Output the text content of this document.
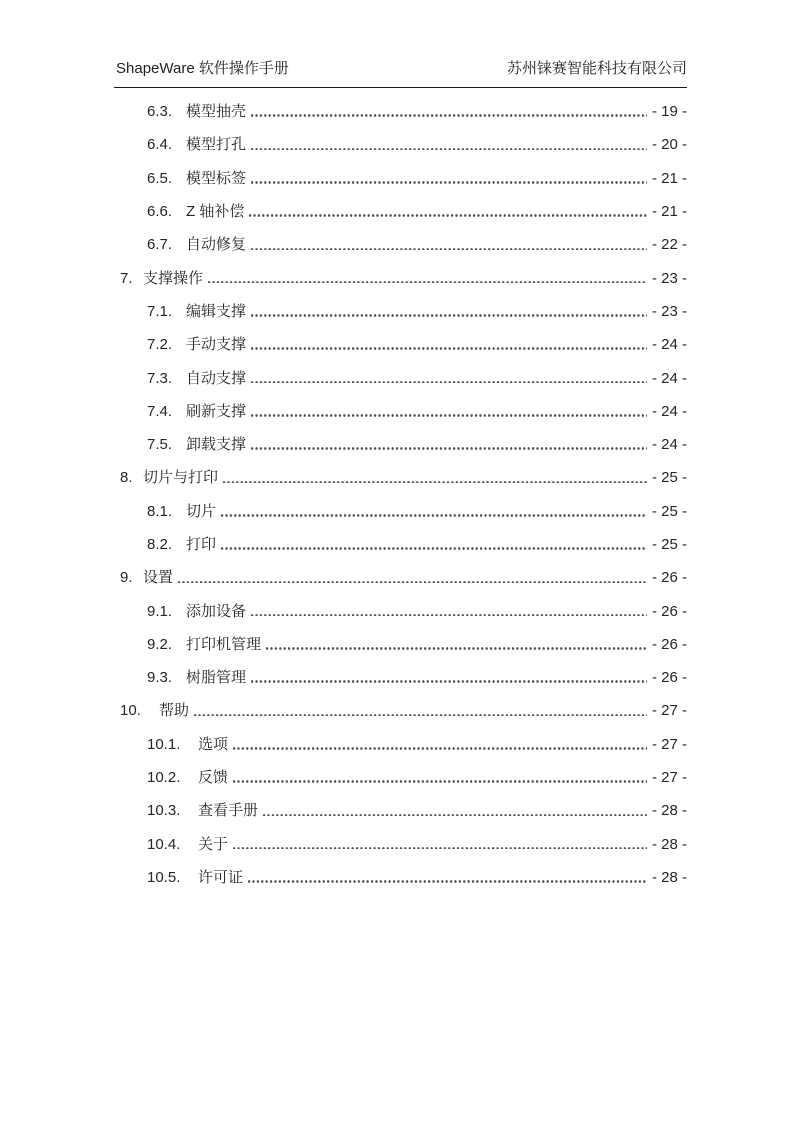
ShapeWare 软件操作手册	苏州铼赛智能科技有限公司
6.3. 模型抽壳	- 19 -
6.4. 模型打孔	- 20 -
6.5. 模型标签	- 21 -
6.6. Z 轴补偿	- 21 -
6.7. 自动修复	- 22 -
7. 支撑操作	- 23 -
7.1. 编辑支撑	- 23 -
7.2. 手动支撑	- 24 -
7.3. 自动支撑	- 24 -
7.4. 刷新支撑	- 24 -
7.5. 卸载支撑	- 24 -
8. 切片与打印	- 25 -
8.1. 切片	- 25 -
8.2. 打印	- 25 -
9. 设置	- 26 -
9.1. 添加设备	- 26 -
9.2. 打印机管理	- 26 -
9.3. 树脂管理	- 26 -
10.	帮助	- 27 -
10.1.	选项	- 27 -
10.2.	反馈	- 27 -
10.3.	查看手册	- 28 -
10.4.	关于	- 28 -
10.5.	许可证	- 28 -
